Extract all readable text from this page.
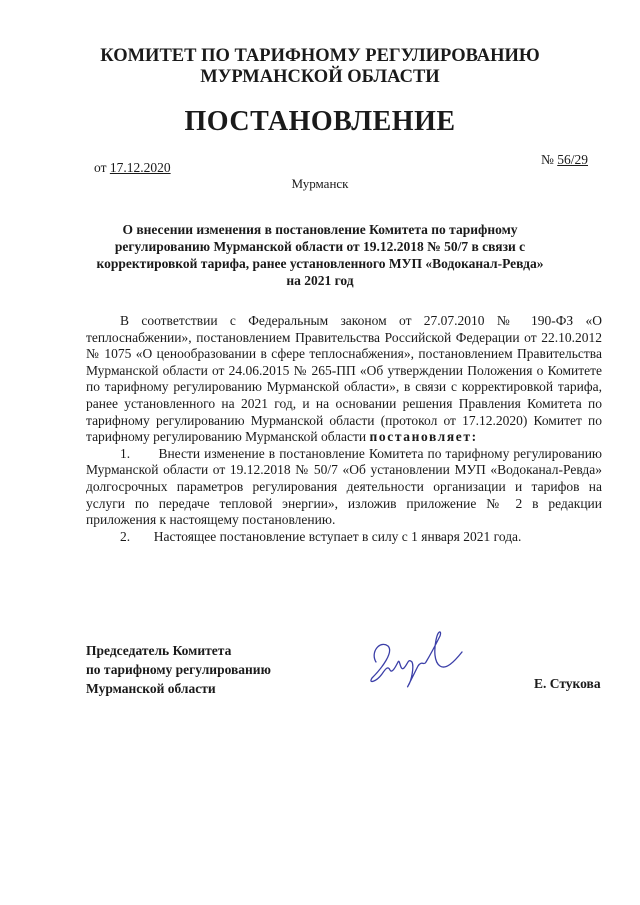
КОМИТЕТ ПО ТАРИФНОМУ РЕГУЛИРОВАНИЮ
МУРМАНСКОЙ ОБЛАСТИ
ПОСТАНОВЛЕНИЕ
от 17.12.2020
№ 56/29
Мурманск
О внесении изменения в постановление Комитета по тарифному
регулированию Мурманской области от 19.12.2018 № 50/7 в связи с
корректировкой тарифа, ранее установленного МУП «Водоканал-Ревда»
на 2021 год

В соответствии с Федеральным законом от 27.07.2010 № 190-ФЗ «О теплоснабжении», постановлением Правительства Российской Федерации от 22.10.2012 № 1075 «О ценообразовании в сфере теплоснабжения», постановлением Правительства Мурманской области от 24.06.2015 № 265-ПП «Об утверждении Положения о Комитете по тарифному регулированию Мурманской области», в связи с корректировкой тарифа, ранее установленного на 2021 год, и на основании решения Правления Комитета по тарифному регулированию Мурманской области (протокол от 17.12.2020) Комитет по тарифному регулированию Мурманской области постановляет:

1. Внести изменение в постановление Комитета по тарифному регулированию Мурманской области от 19.12.2018 № 50/7 «Об установлении МУП «Водоканал-Ревда» долгосрочных параметров регулирования деятельности организации и тарифов на услуги по передаче тепловой энергии», изложив приложение № 2 в редакции приложения к настоящему постановлению.

2. Настоящее постановление вступает в силу с 1 января 2021 года.

Председатель Комитета
по тарифному регулированию
Мурманской области	Е. Стукова
